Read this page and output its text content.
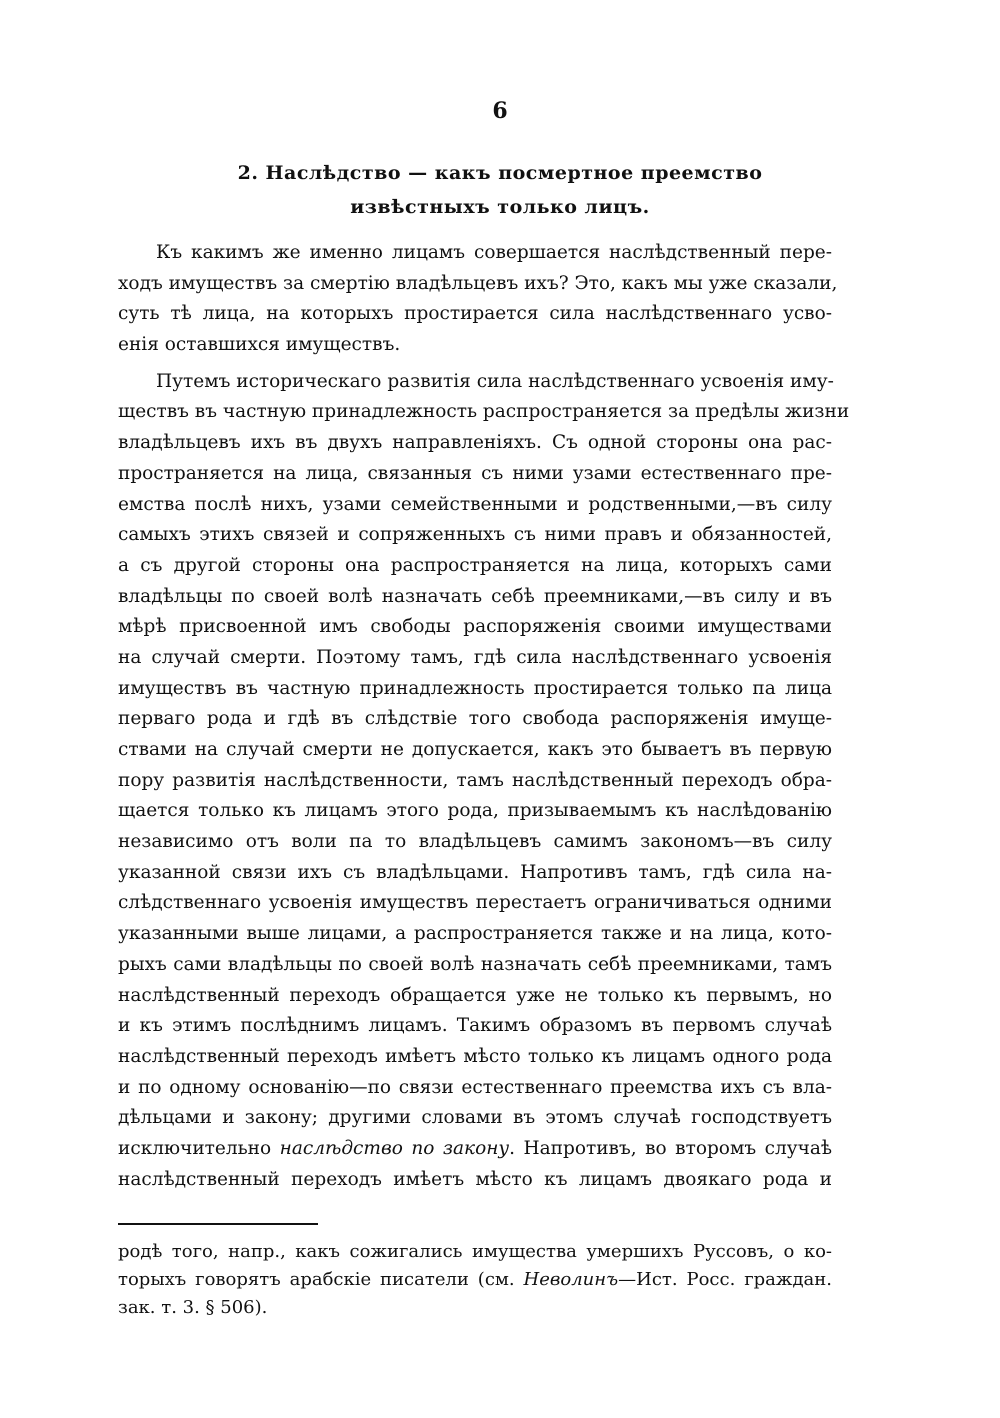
6
2. Наслѣдство — какъ посмертное преемство
извѣстныхъ только лицъ.
Къ какимъ же именно лицамъ совершается наслѣдственный пере-
ходъ имуществъ за смертію владѣльцевъ ихъ? Это, какъ мы уже сказали,
суть тѣ лица, на которыхъ простирается сила наслѣдственнаго усво-
енія оставшихся имуществъ.
Путемъ историческаго развитія сила наслѣдственнаго усвоенія иму-
ществъ въ частную принадлежность распространяется за предѣлы жизни
владѣльцевъ ихъ въ двухъ направленіяхъ. Съ одной стороны она рас-
пространяется на лица, связанныя съ ними узами естественнаго пре-
емства послѣ нихъ, узами семейственными и родственными,—въ силу
самыхъ этихъ связей и сопряженныхъ съ ними правъ и обязанностей,
а съ другой стороны она распространяется на лица, которыхъ сами
владѣльцы по своей волѣ назначать себѣ преемниками,—въ силу и въ
мѣрѣ присвоенной имъ свободы распоряженія своими имуществами
на случай смерти. Поэтому тамъ, гдѣ сила наслѣдственнаго усвоенія
имуществъ въ частную принадлежность простирается только па лица
перваго рода и гдѣ въ слѣдствіе того свобода распоряженія имуще-
ствами на случай смерти не допускается, какъ это бываетъ въ первую
пору развитія наслѣдственности, тамъ наслѣдственный переходъ обра-
щается только къ лицамъ этого рода, призываемымъ къ наслѣдованію
независимо отъ воли па то владѣльцевъ самимъ закономъ—въ силу
указанной связи ихъ съ владѣльцами. Напротивъ тамъ, гдѣ сила на-
слѣдственнаго усвоенія имуществъ перестаетъ ограничиваться одними
указанными выше лицами, а распространяется также и на лица, кото-
рыхъ сами владѣльцы по своей волѣ назначать себѣ преемниками, тамъ
наслѣдственный переходъ обращается уже не только къ первымъ, но
и къ этимъ послѣднимъ лицамъ. Такимъ образомъ въ первомъ случаѣ
наслѣдственный переходъ имѣетъ мѣсто только къ лицамъ одного рода
и по одному основанію—по связи естественнаго преемства ихъ съ вла-
дѣльцами и закону; другими словами въ этомъ случаѣ господствуетъ
исключительно наслѣдство по закону. Напротивъ, во второмъ случаѣ
наслѣдственный переходъ имѣетъ мѣсто къ лицамъ двоякаго рода и
родѣ того, напр., какъ сожигались имущества умершихъ Руссовъ, о ко-
торыхъ говорятъ арабскіе писатели (см. Неволинъ—Ист. Росс. граждан.
зак. т. 3. § 506).
